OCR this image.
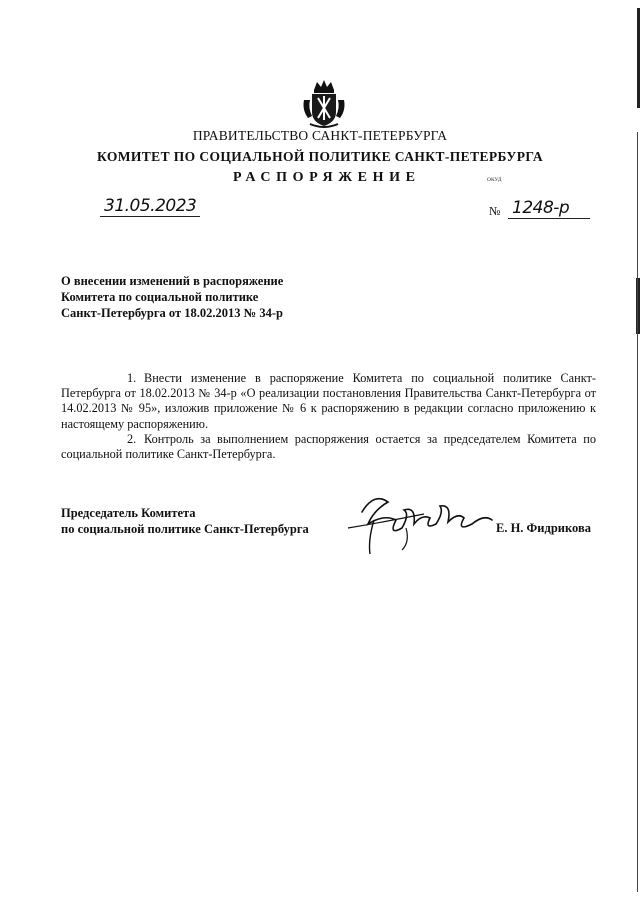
ПРАВИТЕЛЬСТВО САНКТ-ПЕТЕРБУРГА
КОМИТЕТ ПО СОЦИАЛЬНОЙ ПОЛИТИКЕ САНКТ-ПЕТЕРБУРГА
РАСПОРЯЖЕНИЕ	ОКУД
31.05.2023	№ 1248-р
О внесении изменений в распоряжение
Комитета по социальной политике
Санкт-Петербурга от 18.02.2013 № 34-р
1. Внести изменение в распоряжение Комитета по социальной политике Санкт-Петербурга от 18.02.2013 № 34-р «О реализации постановления Правительства Санкт-Петербурга от 14.02.2013 № 95», изложив приложение № 6 к распоряжению в редакции согласно приложению к настоящему распоряжению.
2. Контроль за выполнением распоряжения остается за председателем Комитета по социальной политике Санкт-Петербурга.
Председатель Комитета
по социальной политике Санкт-Петербурга	Е. Н. Фидрикова
